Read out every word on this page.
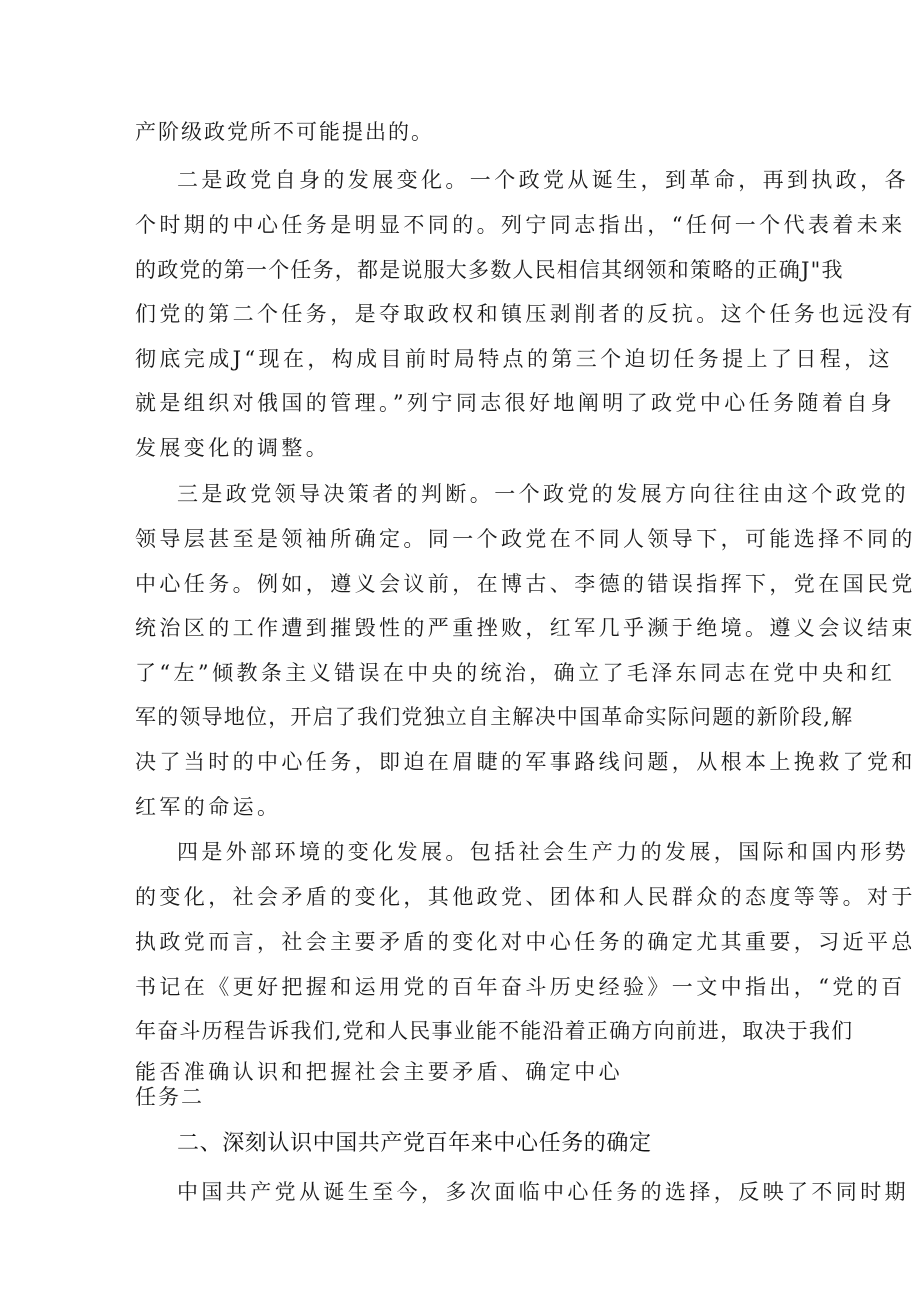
产阶级政党所不可能提出的。
二是政党自身的发展变化。一个政党从诞生，到革命，再到执政，各
个时期的中心任务是明显不同的。列宁同志指出，“任何一个代表着未来
的政党的第一个任务，都是说服大多数人民相信其纲领和策略的正确J"我
们党的第二个任务，是夺取政权和镇压剥削者的反抗。这个任务也远没有
彻底完成J“现在，构成目前时局特点的第三个迫切任务提上了日程，这
就是组织对俄国的管理。”列宁同志很好地阐明了政党中心任务随着自身
发展变化的调整。
三是政党领导决策者的判断。一个政党的发展方向往往由这个政党的
领导层甚至是领袖所确定。同一个政党在不同人领导下，可能选择不同的
中心任务。例如，遵义会议前，在博古、李德的错误指挥下，党在国民党
统治区的工作遭到摧毁性的严重挫败，红军几乎濒于绝境。遵义会议结束
了“左”倾教条主义错误在中央的统治，确立了毛泽东同志在党中央和红
军的领导地位，开启了我们党独立自主解决中国革命实际问题的新阶段,解
决了当时的中心任务，即迫在眉睫的军事路线问题，从根本上挽救了党和
红军的命运。
四是外部环境的变化发展。包括社会生产力的发展，国际和国内形势
的变化，社会矛盾的变化，其他政党、团体和人民群众的态度等等。对于
执政党而言，社会主要矛盾的变化对中心任务的确定尤其重要，习近平总
书记在《更好把握和运用党的百年奋斗历史经验》一文中指出，“党的百
年奋斗历程告诉我们,党和人民事业能不能沿着正确方向前进，取决于我们
能否准确认识和把握社会主要矛盾、确定中心
任务二
二、深刻认识中国共产党百年来中心任务的确定
中国共产党从诞生至今，多次面临中心任务的选择，反映了不同时期
